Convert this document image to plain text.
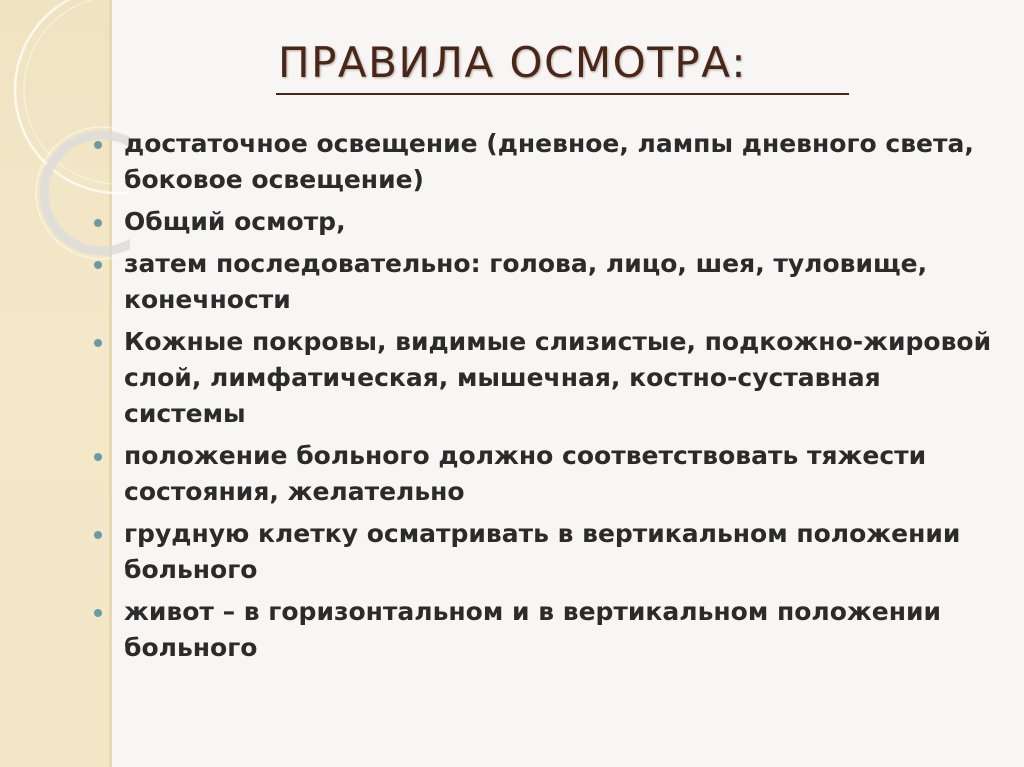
ПРАВИЛА ОСМОТРА:
достаточное освещение (дневное, лампы дневного света, боковое освещение)
Общий осмотр,
затем последовательно: голова, лицо, шея, туловище, конечности
Кожные покровы, видимые слизистые, подкожно-жировой слой, лимфатическая, мышечная, костно-суставная системы
положение больного должно соответствовать тяжести состояния, желательно
грудную клетку осматривать в вертикальном положении больного
живот – в горизонтальном и в вертикальном положении больного
